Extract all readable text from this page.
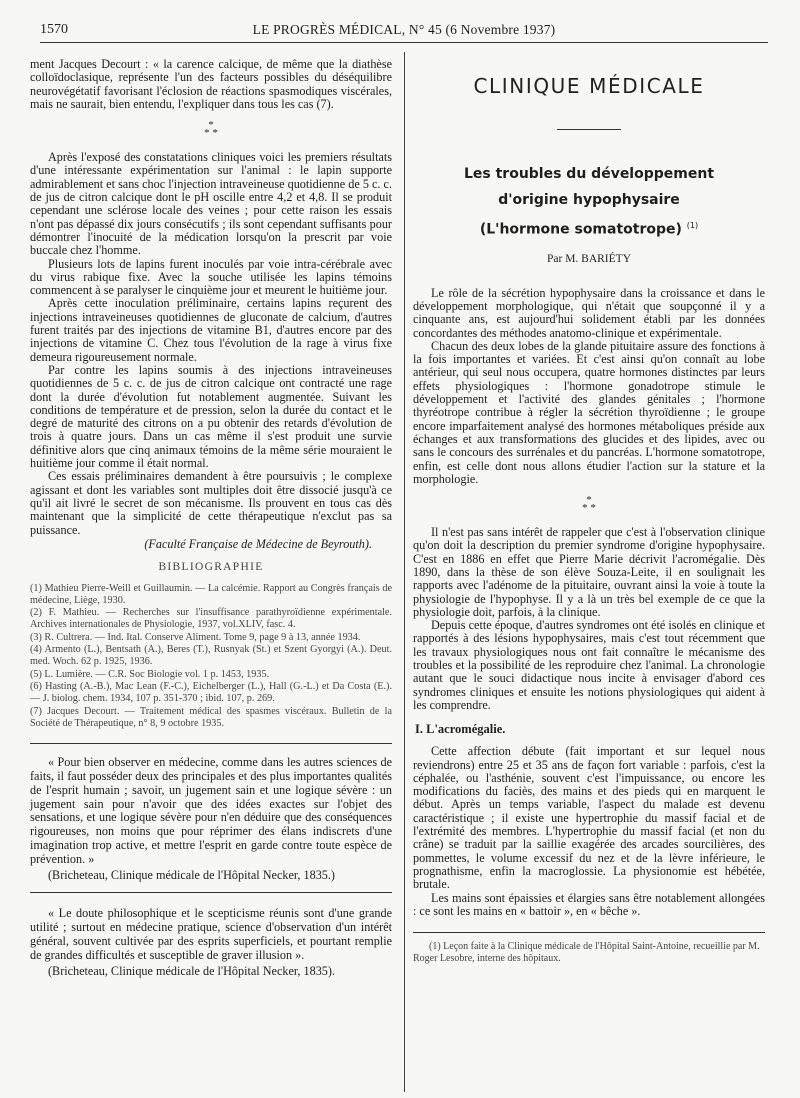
1570	LE PROGRÈS MÉDICAL, N° 45 (6 Novembre 1937)

ment Jacques Decourt : « la carence calcique, de même que la diathèse colloïdoclasique, représente l'un des facteurs possibles du déséquilibre neurovégétatif favorisant l'éclosion de réactions spasmodiques viscérales, mais ne saurait, bien entendu, l'expliquer dans tous les cas (7).

*
* *

Après l'exposé des constatations cliniques voici les premiers résultats d'une intéressante expérimentation sur l'animal : le lapin supporte admirablement et sans choc l'injection intraveineuse quotidienne de 5 c. c. de jus de citron calcique dont le pH oscille entre 4,2 et 4,8. Il se produit cependant une sclérose locale des veines ; pour cette raison les essais n'ont pas dépassé dix jours consécutifs ; ils sont cependant suffisants pour démontrer l'inocuité de la médication lorsqu'on la prescrit par voie buccale chez l'homme.

Plusieurs lots de lapins furent inoculés par voie intra-cérébrale avec du virus rabique fixe. Avec la souche utilisée les lapins témoins commencent à se paralyser le cinquième jour et meurent le huitième jour.

Après cette inoculation préliminaire, certains lapins reçurent des injections intraveineuses quotidiennes de gluconate de calcium, d'autres furent traités par des injections de vitamine B1, d'autres encore par des injections de vitamine C. Chez tous l'évolution de la rage à virus fixe demeura rigoureusement normale.

Par contre les lapins soumis à des injections intraveineuses quotidiennes de 5 c. c. de jus de citron calcique ont contracté une rage dont la durée d'évolution fut notablement augmentée. Suivant les conditions de température et de pression, selon la durée du contact et le degré de maturité des citrons on a pu obtenir des retards d'évolution de trois à quatre jours. Dans un cas même il s'est produit une survie définitive alors que cinq animaux témoins de la même série mouraient le huitième jour comme il était normal.

Ces essais préliminaires demandent à être poursuivis ; le complexe agissant et dont les variables sont multiples doit être dissocié jusqu'à ce qu'il ait livré le secret de son mécanisme. Ils prouvent en tous cas dès maintenant que la simplicité de cette thérapeutique n'exclut pas sa puissance.

(Faculté Française de Médecine de Beyrouth).
BIBLIOGRAPHIE

(1) Mathieu Pierre-Weill et Guillaumin. — La calcémie. Rapport au Congrès français de médecine, Liège, 1930.

(2) F. Mathieu. — Recherches sur l'insuffisance parathyroïdienne expérimentale. Archives internationales de Physiologie, 1937, vol.XLIV, fasc. 4.

(3) R. Cultrera. — Ind. Ital. Conserve Aliment. Tome 9, page 9 à 13, année 1934.

(4) Armento (L.), Bentsath (A.), Beres (T.), Rusnyak (St.) et Szent Gyorgyi (A.). Deut. med. Woch. 62 p. 1925, 1936.

(5) L. Lumière. — C.R. Soc Biologie vol. 1 p. 1453, 1935.

(6) Hasting (A.-B.), Mac Lean (F.-C.), Eichelberger (L.), Hall (G.-L.) et Da Costa (E.). — J. biolog. chem. 1934, 107 p. 351-370 ; ibid. 107, p. 269.

(7) Jacques Decourt. — Traitement médical des spasmes viscéraux. Bulletin de la Société de Thérapeutique, n° 8, 9 octobre 1935.

« Pour bien observer en médecine, comme dans les autres sciences de faits, il faut posséder deux des principales et des plus importantes qualités de l'esprit humain ; savoir, un jugement sain et une logique sévère : un jugement sain pour n'avoir que des idées exactes sur l'objet des sensations, et une logique sévère pour n'en déduire que des conséquences rigoureuses, non moins que pour réprimer des élans indiscrets d'une imagination trop active, et mettre l'esprit en garde contre toute espèce de prévention. »

(Bricheteau, Clinique médicale de l'Hôpital Necker, 1835.)

« Le doute philosophique et le scepticisme réunis sont d'une grande utilité ; surtout en médecine pratique, science d'observation d'un intérêt général, souvent cultivée par des esprits superficiels, et pourtant remplie de grandes difficultés et susceptible de graver illusion ».

(Bricheteau, Clinique médicale de l'Hôpital Necker, 1835).

CLINIQUE MÉDICALE
Les troubles du développement
d'origine hypophysaire
(L'hormone somatotrope) $^{(1)}$
Par M. BARIÉTY

Le rôle de la sécrétion hypophysaire dans la croissance et dans le développement morphologique, qui n'était que soupçonné il y a cinquante ans, est aujourd'hui solidement établi par les données concordantes des méthodes anatomo-clinique et expérimentale.

Chacun des deux lobes de la glande pituitaire assure des fonctions à la fois importantes et variées. Et c'est ainsi qu'on connaît au lobe antérieur, qui seul nous occupera, quatre hormones distinctes par leurs effets physiologiques : l'hormone gonadotrope stimule le développement et l'activité des glandes génitales ; l'hormone thyréotrope contribue à régler la sécrétion thyroïdienne ; le groupe encore imparfaitement analysé des hormones métaboliques préside aux échanges et aux transformations des glucides et des lipides, avec ou sans le concours des surrénales et du pancréas. L'hormone somatotrope, enfin, est celle dont nous allons étudier l'action sur la stature et la morphologie.

*
* *

Il n'est pas sans intérêt de rappeler que c'est à l'observation clinique qu'on doit la description du premier syndrome d'origine hypophysaire. C'est en 1886 en effet que Pierre Marie décrivit l'acromégalie. Dès 1890, dans la thèse de son élève Souza-Leite, il en soulignait les rapports avec l'adénome de la pituitaire, ouvrant ainsi la voie à toute la physiologie de l'hypophyse. Il y a là un très bel exemple de ce que la physiologie doit, parfois, à la clinique.

Depuis cette époque, d'autres syndromes ont été isolés en clinique et rapportés à des lésions hypophysaires, mais c'est tout récemment que les travaux physiologiques nous ont fait connaître le mécanisme des troubles et la possibilité de les reproduire chez l'animal. La chronologie autant que le souci didactique nous incite à envisager d'abord ces syndromes cliniques et ensuite les notions physiologiques qui aident à les comprendre.

I. L'acromégalie.

Cette affection débute (fait important et sur lequel nous reviendrons) entre 25 et 35 ans de façon fort variable : parfois, c'est la céphalée, ou l'asthénie, souvent c'est l'impuissance, ou encore les modifications du faciès, des mains et des pieds qui en marquent le début. Après un temps variable, l'aspect du malade est devenu caractéristique ; il existe une hypertrophie du massif facial et de l'extrémité des membres. L'hypertrophie du massif facial (et non du crâne) se traduit par la saillie exagérée des arcades sourcilières, des pommettes, le volume excessif du nez et de la lèvre inférieure, le prognathisme, enfin la macroglossie. La physionomie est hébétée, brutale.

Les mains sont épaissies et élargies sans être notablement allongées : ce sont les mains en « battoir », en « bêche ».

(1) Leçon faite à la Clinique médicale de l'Hôpital Saint-Antoine, recueillie par M. Roger Lesobre, interne des hôpitaux.
